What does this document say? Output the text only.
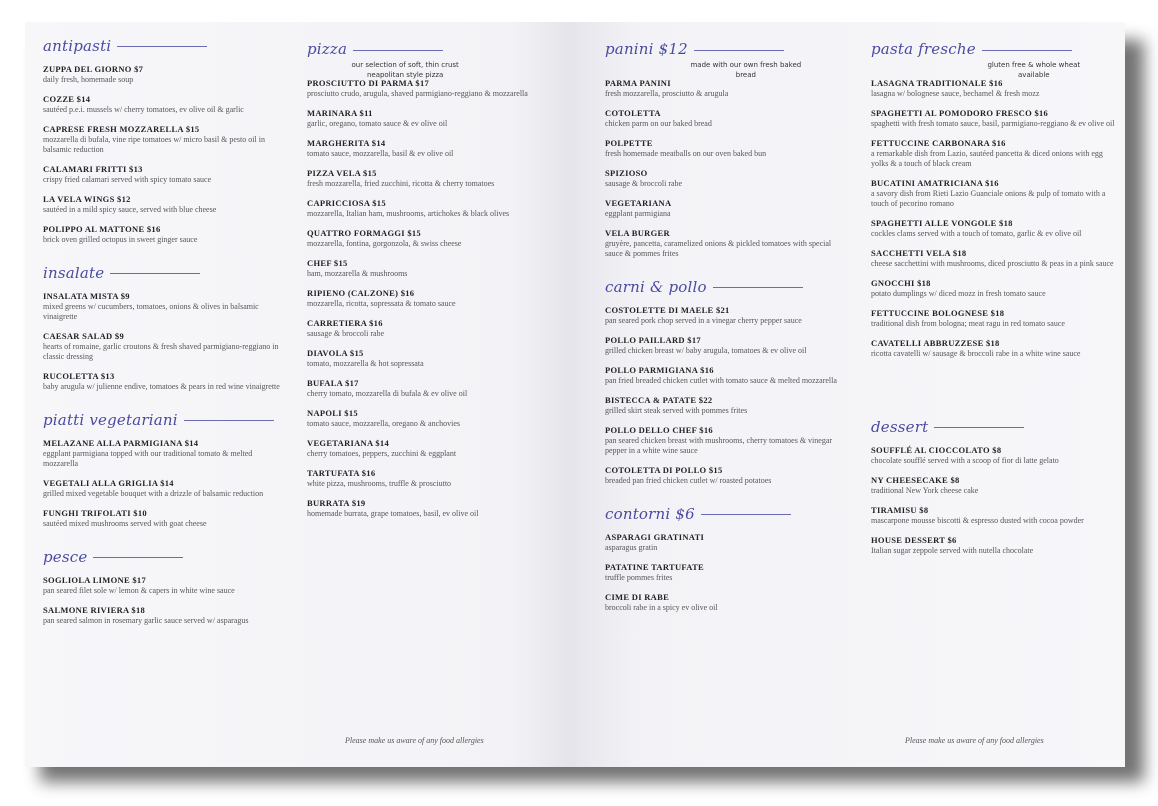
antipasti
ZUPPA DEL GIORNO $7
daily fresh, homemade soup
COZZE $14
sautéed p.e.i. mussels w/ cherry tomatoes, ev olive oil & garlic
CAPRESE FRESH MOZZARELLA $15
mozzarella di bufala, vine ripe tomatoes w/ micro basil & pesto oil in balsamic reduction
CALAMARI FRITTI $13
crispy fried calamari served with spicy tomato sauce
LA VELA WINGS $12
sautéed in a mild spicy sauce, served with blue cheese
POLIPPO AL MATTONE $16
brick oven grilled octopus in sweet ginger sauce
insalate
INSALATA MISTA $9
mixed greens w/ cucumbers, tomatoes, onions & olives in balsamic vinaigrette
CAESAR SALAD $9
hearts of romaine, garlic croutons & fresh shaved parmigiano-reggiano in classic dressing
RUCOLETTA $13
baby arugula w/ julienne endive, tomatoes & pears in red wine vinaigrette
piatti vegetariani
MELAZANE ALLA PARMIGIANA $14
eggplant parmigiana topped with our traditional tomato & melted mozzarella
VEGETALI ALLA GRIGLIA $14
grilled mixed vegetable bouquet with a drizzle of balsamic reduction
FUNGHI TRIFOLATI $10
sautéed mixed mushrooms served with goat cheese
pesce
SOGLIOLA LIMONE $17
pan seared filet sole w/ lemon & capers in white wine sauce
SALMONE RIVIERA $18
pan seared salmon in rosemary garlic sauce served w/ asparagus
pizza
our selection of soft, thin crust neapolitan style pizza
PROSCIUTTO DI PARMA $17
prosciutto crudo, arugula, shaved parmigiano-reggiano & mozzarella
MARINARA $11
garlic, oregano, tomato sauce & ev olive oil
MARGHERITA $14
tomato sauce, mozzarella, basil & ev olive oil
PIZZA VELA $15
fresh mozzarella, fried zucchini, ricotta & cherry tomatoes
CAPRICCIOSA $15
mozzarella, Italian ham, mushrooms, artichokes & black olives
QUATTRO FORMAGGI $15
mozzarella, fontina, gorgonzola, & swiss cheese
CHEF $15
ham, mozzarella & mushrooms
RIPIENO (CALZONE) $16
mozzarella, ricotta, sopressata & tomato sauce
CARRETIERA $16
sausage & broccoli rabe
DIAVOLA $15
tomato, mozzarella & hot sopressata
BUFALA $17
cherry tomato, mozzarella di bufala & ev olive oil
NAPOLI $15
tomato sauce, mozzarella, oregano & anchovies
VEGETARIANA $14
cherry tomatoes, peppers, zucchini & eggplant
TARTUFATA $16
white pizza, mushrooms, truffle & prosciutto
BURRATA $19
homemade burrata, grape tomatoes, basil, ev olive oil
Please make us aware of any food allergies
panini $12
made with our own fresh baked bread
PARMA PANINI
fresh mozzarella, prosciutto & arugula
COTOLETTA
chicken parm on our baked bread
POLPETTE
fresh homemade meatballs on our oven baked bun
SPIZIOSO
sausage & broccoli rabe
VEGETARIANA
eggplant parmigiana
VELA BURGER
gruyère, pancetta, caramelized onions & pickled tomatoes with special sauce & pommes frites
carni & pollo
COSTOLETTE DI MAELE $21
pan seared pork chop served in a vinegar cherry pepper sauce
POLLO PAILLARD $17
grilled chicken breast w/ baby arugula, tomatoes & ev olive oil
POLLO PARMIGIANA $16
pan fried breaded chicken cutlet with tomato sauce & melted mozzarella
BISTECCA & PATATE $22
grilled skirt steak served with pommes frites
POLLO DELLO CHEF $16
pan seared chicken breast with mushrooms, cherry tomatoes & vinegar pepper in a white wine sauce
COTOLETTA DI POLLO $15
breaded pan fried chicken cutlet w/ roasted potatoes
contorni $6
ASPARAGI GRATINATI
asparagus gratin
PATATINE TARTUFATE
truffle pommes frites
CIME DI RABE
broccoli rabe in a spicy ev olive oil
pasta fresche
gluten free & whole wheat available
LASAGNA TRADITIONALE $16
lasagna w/ bolognese sauce, bechamel & fresh mozz
SPAGHETTI AL POMODORO FRESCO $16
spaghetti with fresh tomato sauce, basil, parmigiano-reggiano & ev olive oil
FETTUCCINE CARBONARA $16
a remarkable dish from Lazio, sautéed pancetta & diced onions with egg yolks & a touch of black cream
BUCATINI AMATRICIANA $16
a savory dish from Rieti Lazio Guanciale onions & pulp of tomato with a touch of pecorino romano
SPAGHETTI ALLE VONGOLE $18
cockles clams served with a touch of tomato, garlic & ev olive oil
SACCHETTI VELA $18
cheese sacchettini with mushrooms, diced prosciutto & peas in a pink sauce
GNOCCHI $18
potato dumplings w/ diced mozz in fresh tomato sauce
FETTUCCINE BOLOGNESE $18
traditional dish from bologna; meat ragu in red tomato sauce
CAVATELLI ABBRUZZESE $18
ricotta cavatelli w/ sausage & broccoli rabe in a white wine sauce
dessert
SOUFFLÉ AL CIOCCOLATO $8
chocolate soufflé served with a scoop of fior di latte gelato
NY CHEESECAKE $8
traditional New York cheese cake
TIRAMISU $8
mascarpone mousse biscotti & espresso dusted with cocoa powder
HOUSE DESSERT $6
Italian sugar zeppole served with nutella chocolate
Please make us aware of any food allergies
